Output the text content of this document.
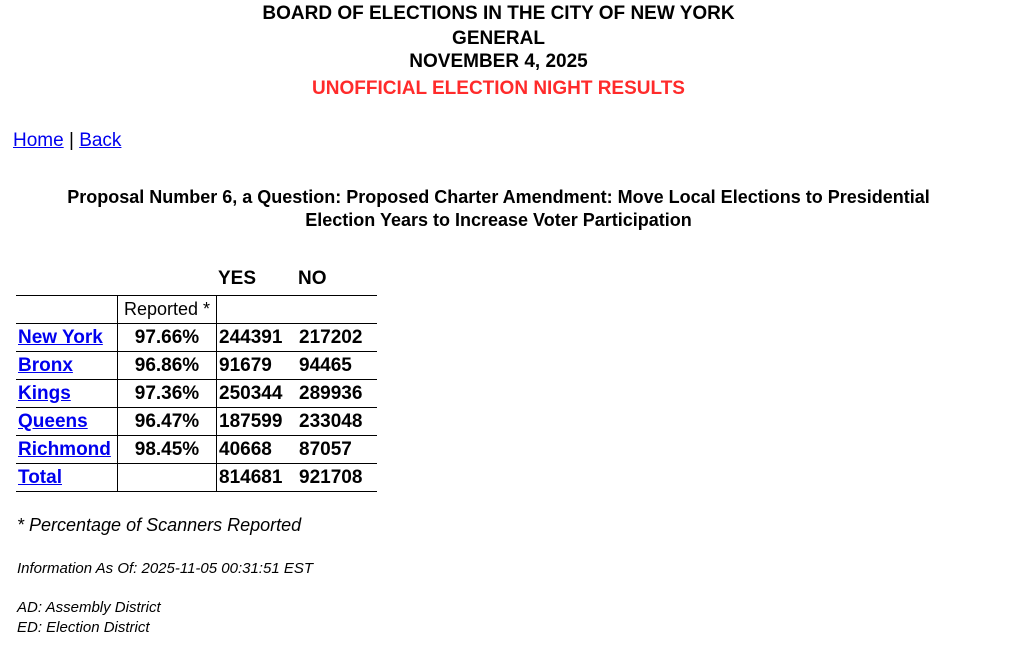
BOARD OF ELECTIONS IN THE CITY OF NEW YORK
GENERAL
NOVEMBER 4, 2025
UNOFFICIAL ELECTION NIGHT RESULTS
Home | Back
Proposal Number 6, a Question: Proposed Charter Amendment: Move Local Elections to Presidential
Election Years to Increase Voter Participation
YES NO
	Reported *		
New York	97.66%	244391	217202
Bronx	96.86%	91679	94465
Kings	97.36%	250344	289936
Queens	96.47%	187599	233048
Richmond	98.45%	40668	87057
Total		814681	921708
* Percentage of Scanners Reported
Information As Of: 2025-11-05 00:31:51 EST
AD: Assembly District
ED: Election District
